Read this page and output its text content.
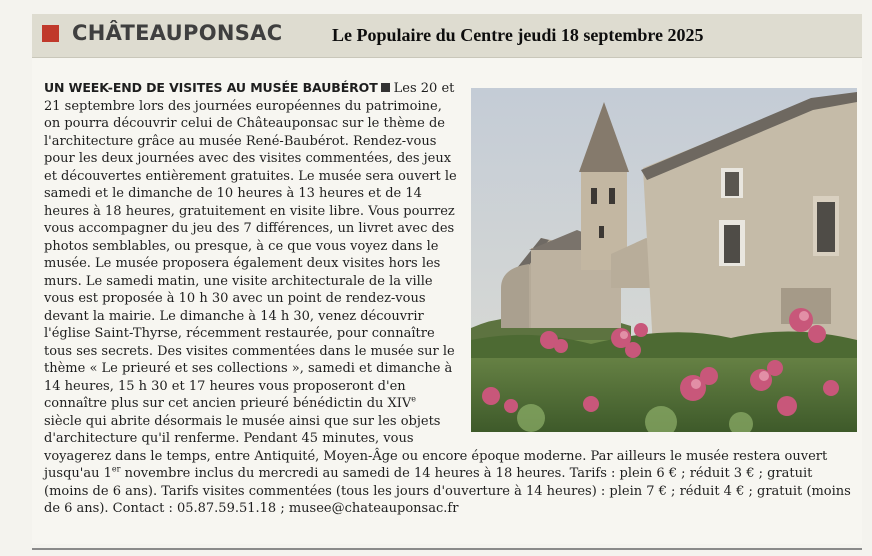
CHÂTEAUPONSAC	Le Populaire du Centre jeudi 18 septembre 2025
UN WEEK-END DE VISITES AU MUSÉE BAUBÉROT Les 20 et 21 septembre lors des journées européennes du patrimoine, on pourra découvrir celui de Châteauponsac sur le thème de l'architecture grâce au musée René-Baubérot. Rendez-vous pour les deux journées avec des visites commentées, des jeux et découvertes entièrement gratuites. Le musée sera ouvert le samedi et le dimanche de 10 heures à 13 heures et de 14 heures à 18 heures, gratuitement en visite libre. Vous pourrez vous accompagner du jeu des 7 différences, un livret avec des photos semblables, ou presque, à ce que vous voyez dans le musée. Le musée proposera également deux visites hors les murs. Le samedi matin, une visite architecturale de la ville vous est proposée à 10 h 30 avec un point de rendez-vous devant la mairie. Le dimanche à 14 h 30, venez découvrir l'église Saint-Thyrse, récemment restaurée, pour connaître tous ses secrets. Des visites commentées dans le musée sur le thème « Le prieuré et ses collections », samedi et dimanche à 14 heures, 15 h 30 et 17 heures vous proposeront d'en connaître plus sur cet ancien prieuré bénédictin du XIVe siècle qui abrite désormais le musée ainsi que sur les objets d'architecture qu'il renferme. Pendant 45 minutes, vous voyagerez dans le temps, entre Antiquité, Moyen-Âge ou encore époque moderne. Par ailleurs le musée restera ouvert jusqu'au 1er novembre inclus du mercredi au samedi de 14 heures à 18 heures. Tarifs : plein 6 € ; réduit 3 € ; gratuit (moins de 6 ans). Tarifs visites commentées (tous les jours d'ouverture à 14 heures) : plein 7 € ; réduit 4 € ; gratuit (moins de 6 ans). Contact : 05.87.59.51.18 ; musee@chateauponsac.fr
